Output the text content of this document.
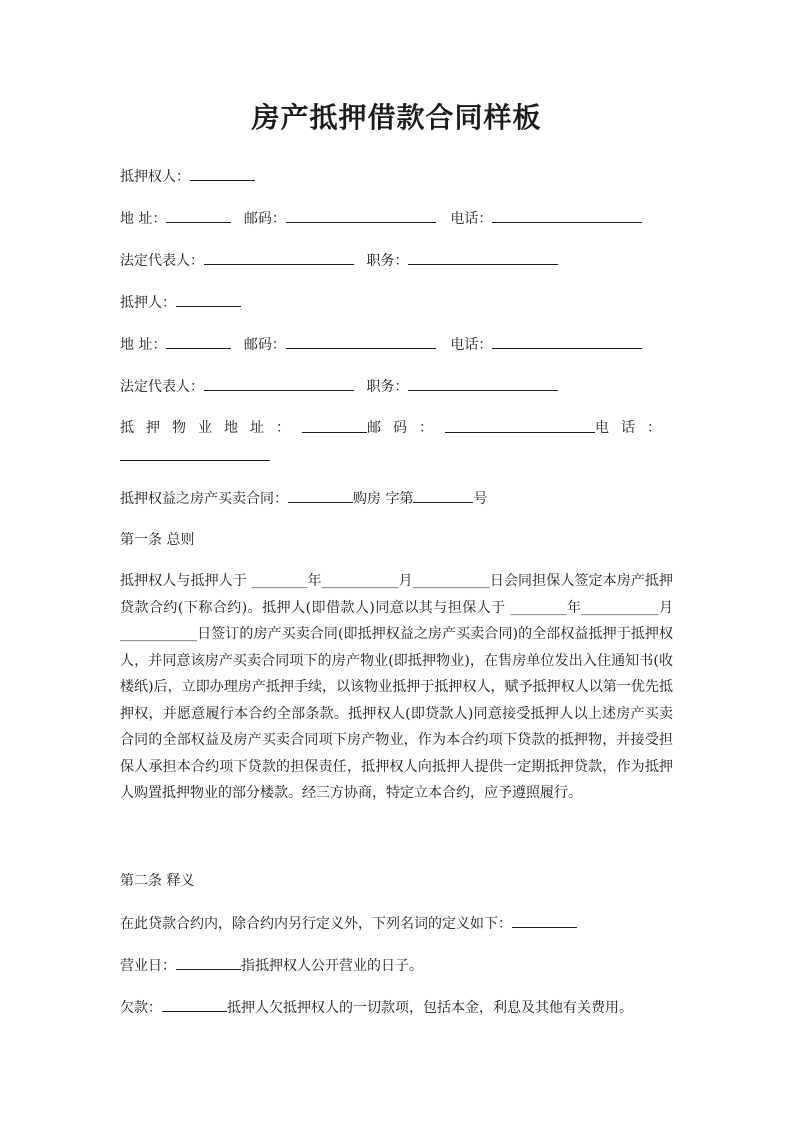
房产抵押借款合同样板
抵押权人：
地 址：	邮码：	电话：
法定代表人：	职务：
抵押人：
地 址：	邮码：	电话：
法定代表人：	职务：
抵押物业地址：	邮码：	电话：
抵押权益之房产买卖合同：	购房 字第	号
第一条 总则
抵押权人与抵押人于 ________年___________月___________日会同担保人签定本房产抵押贷款合约(下称合约)。抵押人(即借款人)同意以其与担保人于 ________年___________月___________日签订的房产买卖合同(即抵押权益之房产买卖合同)的全部权益抵押于抵押权人，并同意该房产买卖合同项下的房产物业(即抵押物业)，在售房单位发出入住通知书(收楼纸)后，立即办理房产抵押手续，以该物业抵押于抵押权人，赋予抵押权人以第一优先抵押权，并愿意履行本合约全部条款。抵押权人(即贷款人)同意接受抵押人以上述房产买卖合同的全部权益及房产买卖合同项下房产物业，作为本合约项下贷款的抵押物，并接受担保人承担本合约项下贷款的担保责任，抵押权人向抵押人提供一定期抵押贷款，作为抵押人购置抵押物业的部分楼款。经三方协商，特定立本合约，应予遵照履行。
第二条 释义
在此贷款合约内，除合约内另行定义外，下列名词的定义如下：
营业日：	指抵押权人公开营业的日子。
欠款：	抵押人欠抵押权人的一切款项，包括本金，利息及其他有关费用。
